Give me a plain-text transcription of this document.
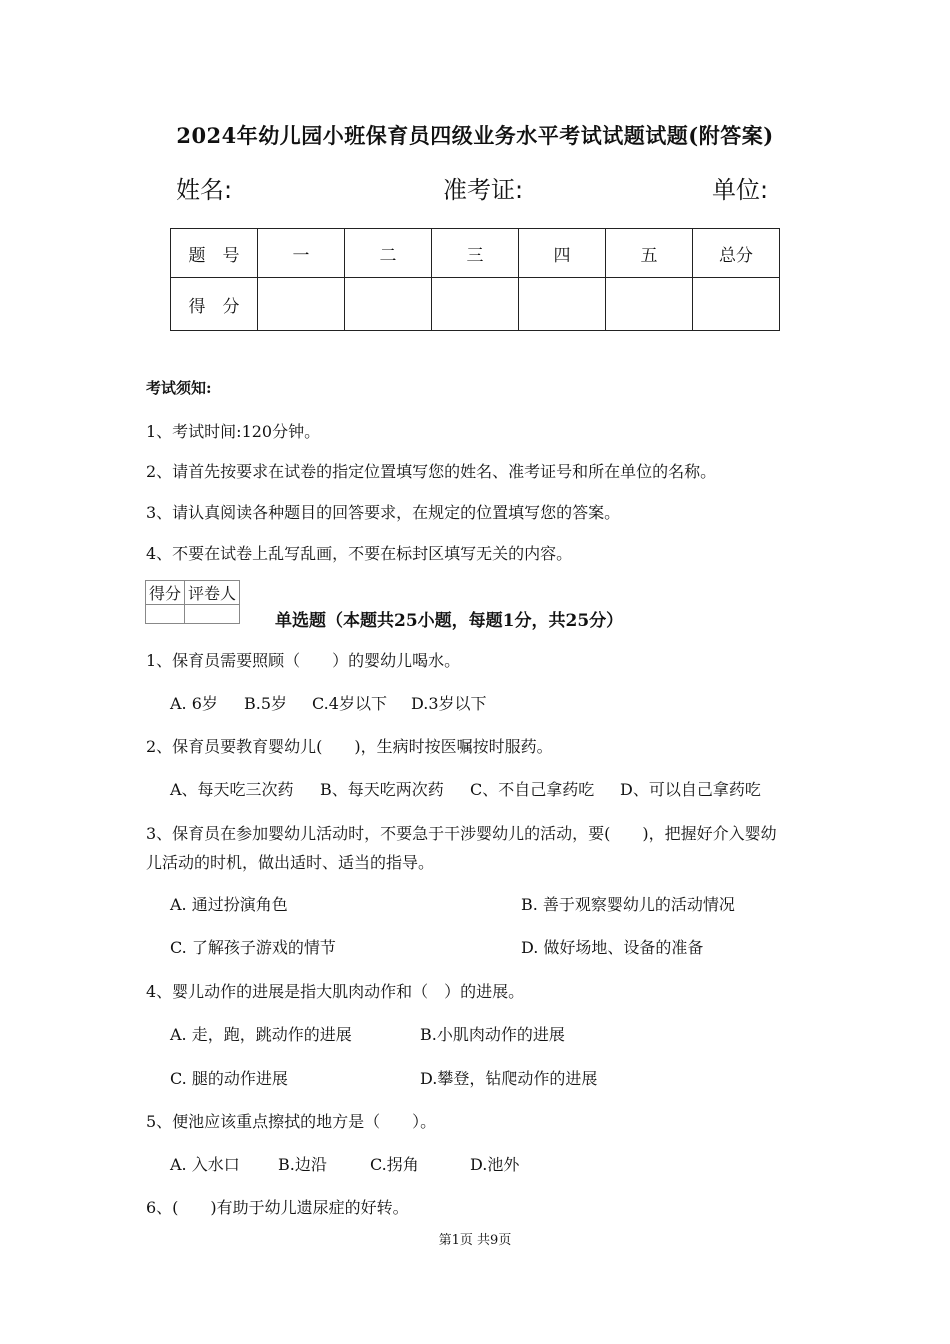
2024年幼儿园小班保育员四级业务水平考试试题试题(附答案)
姓名:	准考证:	单位:
题　号	一	二	三	四	五	总分
得　分						
考试须知:
1、考试时间:120分钟。
2、请首先按要求在试卷的指定位置填写您的姓名、准考证号和所在单位的名称。
3、请认真阅读各种题目的回答要求，在规定的位置填写您的答案。
4、不要在试卷上乱写乱画，不要在标封区填写无关的内容。
得分	评卷人

单选题（本题共25小题，每题1分，共25分）
1、保育员需要照顾（　　）的婴幼儿喝水。
A. 6岁 B.5岁 C.4岁以下 D.3岁以下
2、保育员要教育婴幼儿(　　)，生病时按医嘱按时服药。
A、每天吃三次药 B、每天吃两次药 C、不自己拿药吃 D、可以自己拿药吃
3、保育员在参加婴幼儿活动时，不要急于干涉婴幼儿的活动，要(　　)，把握好介入婴幼
儿活动的时机，做出适时、适当的指导。
A. 通过扮演角色	B. 善于观察婴幼儿的活动情况
C. 了解孩子游戏的情节	D. 做好场地、设备的准备
4、婴儿动作的进展是指大肌肉动作和（　）的进展。
A. 走，跑，跳动作的进展	B.小肌肉动作的进展
C. 腿的动作进展	D.攀登，钻爬动作的进展
5、便池应该重点擦拭的地方是（　　）。
A. 入水口 B.边沿	C.拐角	D.池外
6、(　　)有助于幼儿遗尿症的好转。
第1页 共9页
